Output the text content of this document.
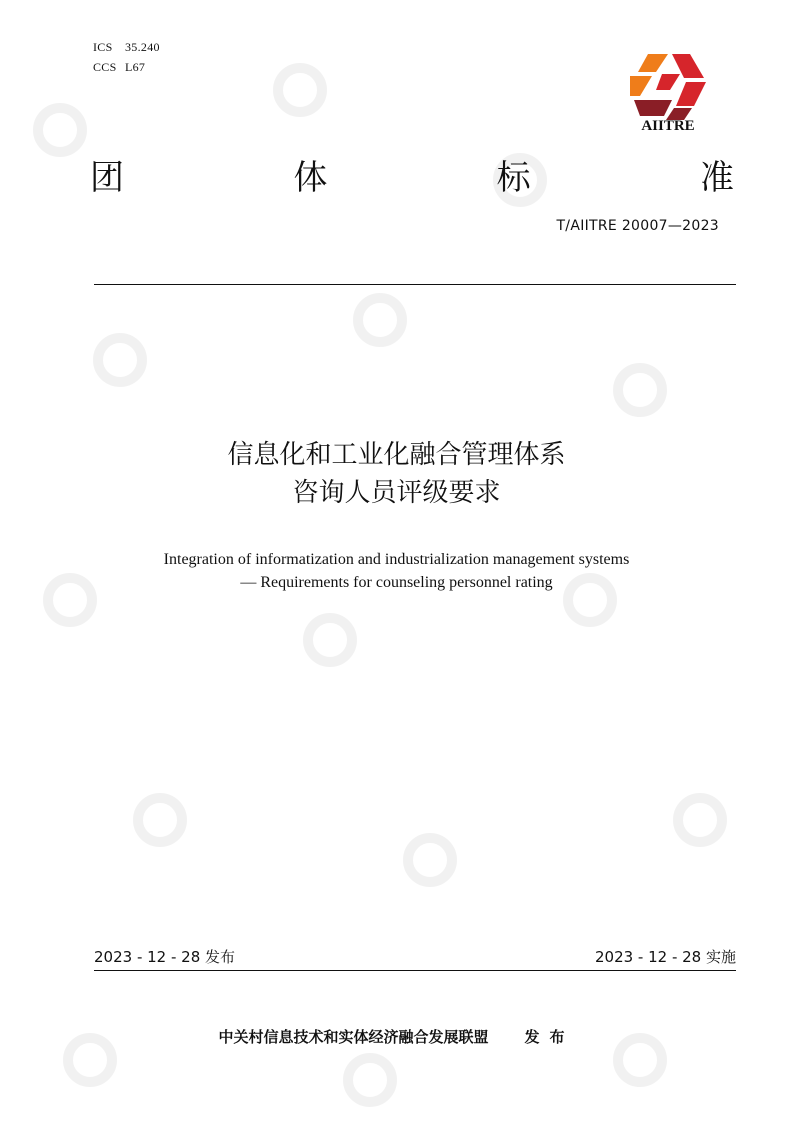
ICS 35.240
CCS L67
AIITRE
团	体	标	准
T/AIITRE 20007—2023
信息化和工业化融合管理体系
咨询人员评级要求
Integration of informatization and industrialization management systems
— Requirements for counseling personnel rating
2023 - 12 - 28 发布	2023 - 12 - 28 实施
中关村信息技术和实体经济融合发展联盟 发布
